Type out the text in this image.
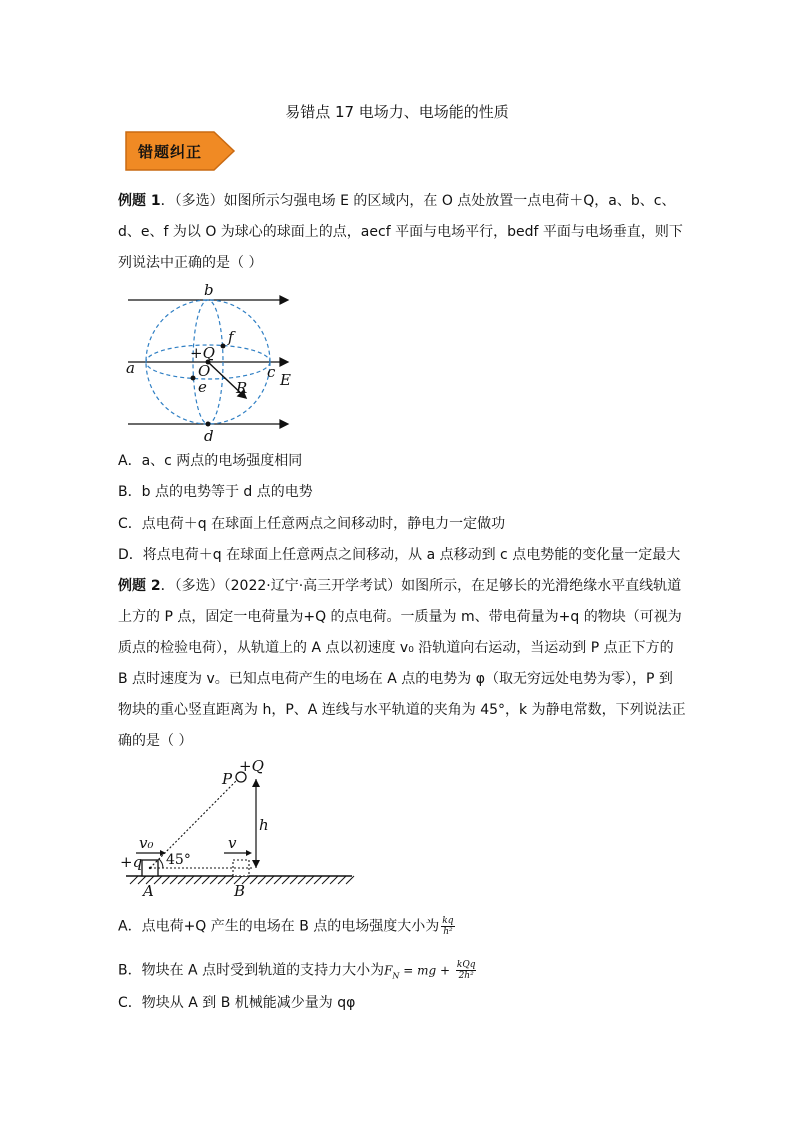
易错点 17 电场力、电场能的性质
错题纠正
例题 1．（多选）如图所示匀强电场 E 的区域内，在 O 点处放置一点电荷＋Q，a、b、c、
d、e、f 为以 O 为球心的球面上的点，aecf 平面与电场平行，bedf 平面与电场垂直，则下
列说法中正确的是（ ）
b
f
+Q
a	O
e R
c E
d
A．a、c 两点的电场强度相同
B．b 点的电势等于 d 点的电势
C．点电荷＋q 在球面上任意两点之间移动时，静电力一定做功
D．将点电荷＋q 在球面上任意两点之间移动，从 a 点移动到 c 点电势能的变化量一定最大
例题 2．（多选）（2022·辽宁·高三开学考试）如图所示，在足够长的光滑绝缘水平直线轨道
上方的 P 点，固定一电荷量为+Q 的点电荷。一质量为 m、带电荷量为+q 的物块（可视为
质点的检验电荷），从轨道上的 A 点以初速度 v₀ 沿轨道向右运动，当运动到 P 点正下方的
B 点时速度为 v。已知点电荷产生的电场在 A 点的电势为 φ（取无穷远处电势为零），P 到
物块的重心竖直距离为 h，P、A 连线与水平轨道的夹角为 45°，k 为静电常数，下列说法正
确的是（ ）
P
+Q
h
v₀	v
+q
A	B
45°
A．点电荷+Q 产生的电场在 B 点的电场强度大小为 $\frac{kq}{\text{h²}}$
B．物块在 A 点时受到轨道的支持力大小为$F_N$ = mg + $\frac{\text{kQq}}{\text{2h²}}$
C．物块从 A 到 B 机械能减少量为 qφ
